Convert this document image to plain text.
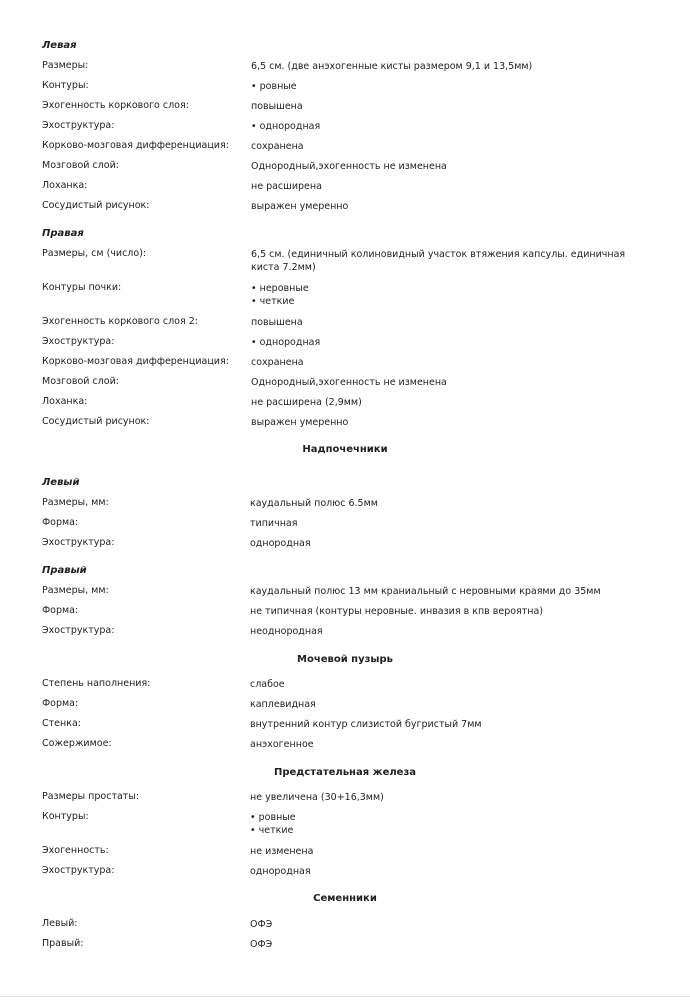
Левая
Размеры:	6,5 см. (две анэхогенные кисты размером 9,1 и 13,5мм)
Контуры:	• ровные
Эхогенность коркового слоя:	повышена
Эхоструктура:	• однородная
Корково-мозговая дифференциация: сохранена
Мозговой слой:	Однородный,эхогенность не изменена
Лоханка:	не расширена
Сосудистый рисунок:	выражен умеренно
Правая
Размеры, см (число):	6,5 см. (единичный колиновидный участок втяжения капсулы. единичная
киста 7.2мм)
Контуры почки:	• неровные
• четкие
Эхогенность коркового слоя 2:	повышена
Эхоструктура:	• однородная
Корково-мозговая дифференциация: сохранена
Мозговой слой:	Однородный,эхогенность не изменена
Лоханка:	не расширена (2,9мм)
Сосудистый рисунок:	выражен умеренно
Надпочечники
Левый
Размеры, мм:	каудальный полюс 6.5мм
Форма:	типичная
Эхоструктура:	однородная
Правый
Размеры, мм:	каудальный полюс 13 мм краниальный с неровными краями до 35мм
Форма:	не типичная (контуры неровные. инвазия в кпв вероятна)
Эхоструктура:	неоднородная
Мочевой пузырь
Степень наполнения:	слабое
Форма:	каплевидная
Стенка:	внутренний контур слизистой бугристый 7мм
Сожержимое:	анэхогенное
Предстательная железа
Размеры простаты:	не увеличена (30+16,3мм)
Контуры:	• ровные
• четкие
Эхогенность:	не изменена
Эхоструктура:	однородная
Семенники
Левый:	ОФЭ
Правый:	ОФЭ
